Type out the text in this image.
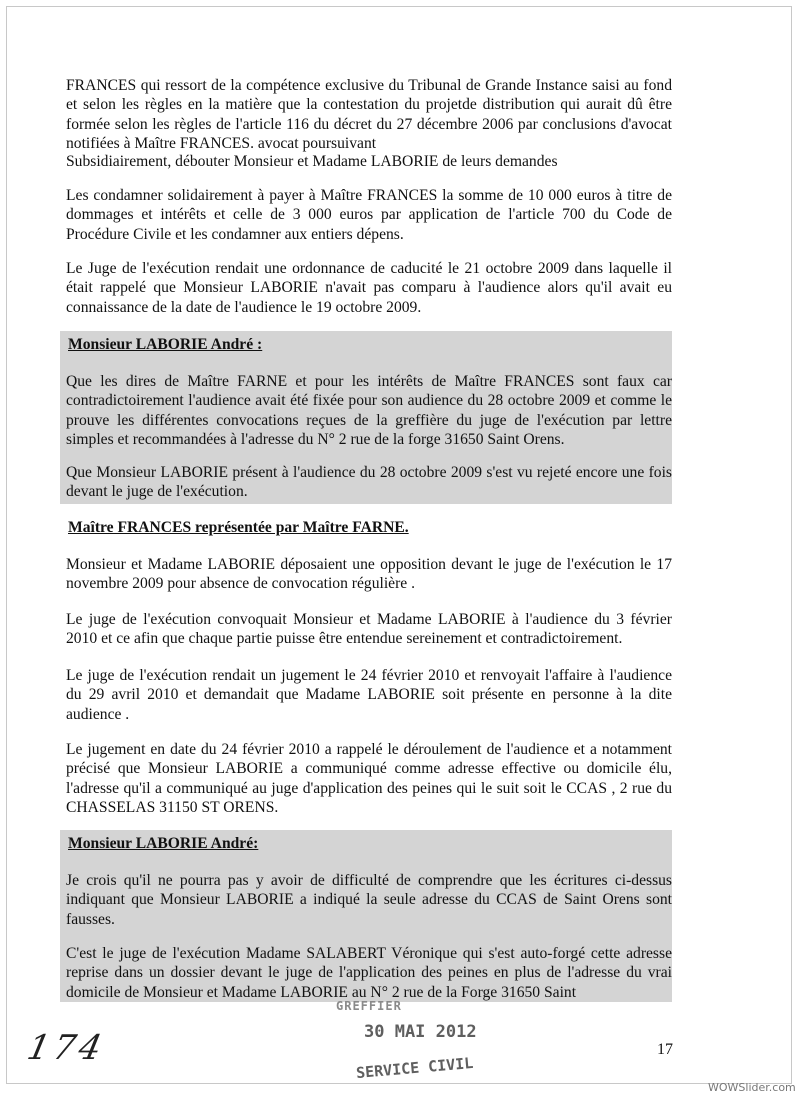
FRANCES qui ressort de la compétence exclusive du Tribunal de Grande Instance saisi au fond et selon les règles en la matière que la contestation du projetde distribution qui aurait dû être formée selon les règles de l'article 116 du décret du 27 décembre 2006 par conclusions d'avocat notifiées à Maître FRANCES. avocat poursuivant

Subsidiairement, débouter Monsieur et Madame LABORIE de leurs demandes

Les condamner solidairement à payer à Maître FRANCES la somme de 10 000 euros à titre de dommages et intérêts et celle de 3 000 euros par application de l'article 700 du Code de Procédure Civile et les condamner aux entiers dépens.

Le Juge de l'exécution rendait une ordonnance de caducité le 21 octobre 2009 dans laquelle il était rappelé que Monsieur LABORIE n'avait pas comparu à l'audience alors qu'il avait eu connaissance de la date de l'audience le 19 octobre 2009.

Monsieur LABORIE André :

Que les dires de Maître FARNE et pour les intérêts de Maître FRANCES sont faux car contradictoirement l'audience avait été fixée pour son audience du 28 octobre 2009 et comme le prouve les différentes convocations reçues de la greffière du juge de l'exécution par lettre simples et recommandées à l'adresse du N° 2 rue de la forge 31650 Saint Orens.

Que Monsieur LABORIE présent à l'audience du 28 octobre 2009 s'est vu rejeté encore une fois devant le juge de l'exécution.

Maître FRANCES représentée par Maître FARNE.

Monsieur et Madame LABORIE déposaient une opposition devant le juge de l'exécution le 17 novembre 2009 pour absence de convocation régulière .

Le juge de l'exécution convoquait Monsieur et Madame LABORIE à l'audience du 3 février 2010 et ce afin que chaque partie puisse être entendue sereinement et contradictoirement.

Le juge de l'exécution rendait un jugement le 24 février 2010 et renvoyait l'affaire à l'audience du 29 avril 2010 et demandait que Madame LABORIE soit présente en personne à la dite audience .

Le jugement en date du 24 février 2010 a rappelé le déroulement de l'audience et a notamment précisé que Monsieur LABORIE a communiqué comme adresse effective ou domicile élu, l'adresse qu'il a communiqué au juge d'application des peines qui le suit soit le CCAS , 2 rue du CHASSELAS 31150 ST ORENS.

Monsieur LABORIE André:

Je crois qu'il ne pourra pas y avoir de difficulté de comprendre que les écritures ci-dessus indiquant que Monsieur LABORIE a indiqué la seule adresse du CCAS de Saint Orens sont fausses.

C'est le juge de l'exécution Madame SALABERT Véronique qui s'est auto-forgé cette adresse reprise dans un dossier devant le juge de l'application des peines en plus de l'adresse du vrai domicile de Monsieur et Madame LABORIE au N° 2 rue de la Forge 31650 Saint

GREFFIER
30 MAI 2012
SERVICE CIVIL
174	17
WOWSlider.com
